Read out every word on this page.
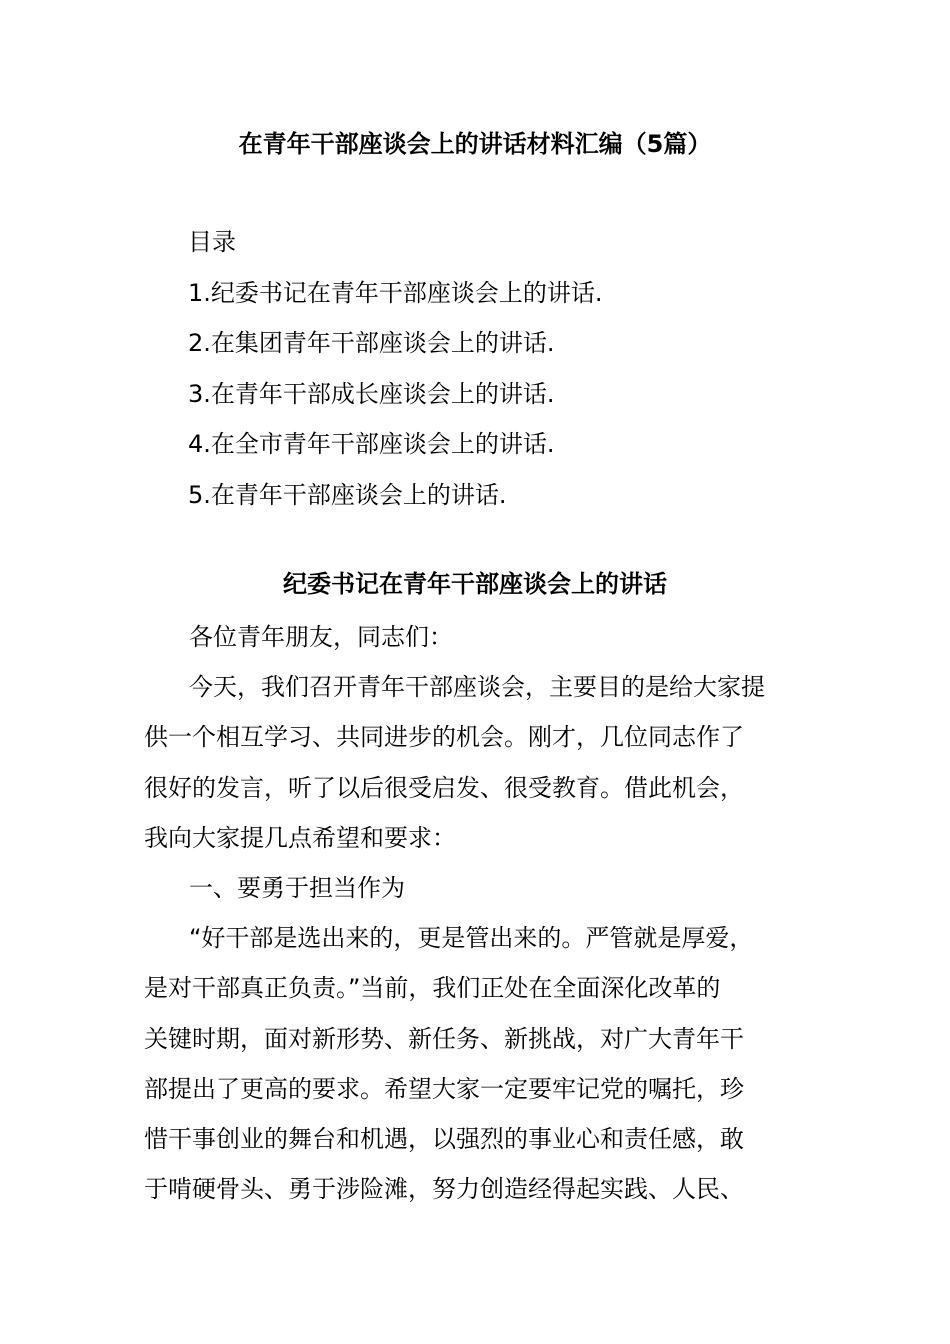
在青年干部座谈会上的讲话材料汇编（5篇）
目录
1.纪委书记在青年干部座谈会上的讲话.
2.在集团青年干部座谈会上的讲话.
3.在青年干部成长座谈会上的讲话.
4.在全市青年干部座谈会上的讲话.
5.在青年干部座谈会上的讲话.
纪委书记在青年干部座谈会上的讲话
各位青年朋友，同志们：
今天，我们召开青年干部座谈会，主要目的是给大家提
供一个相互学习、共同进步的机会。刚才，几位同志作了
很好的发言，听了以后很受启发、很受教育。借此机会，
我向大家提几点希望和要求：
一、要勇于担当作为
“好干部是选出来的，更是管出来的。严管就是厚爱，
是对干部真正负责。”当前，我们正处在全面深化改革的
关键时期，面对新形势、新任务、新挑战，对广大青年干
部提出了更高的要求。希望大家一定要牢记党的嘱托，珍
惜干事创业的舞台和机遇，以强烈的事业心和责任感，敢
于啃硬骨头、勇于涉险滩，努力创造经得起实践、人民、
